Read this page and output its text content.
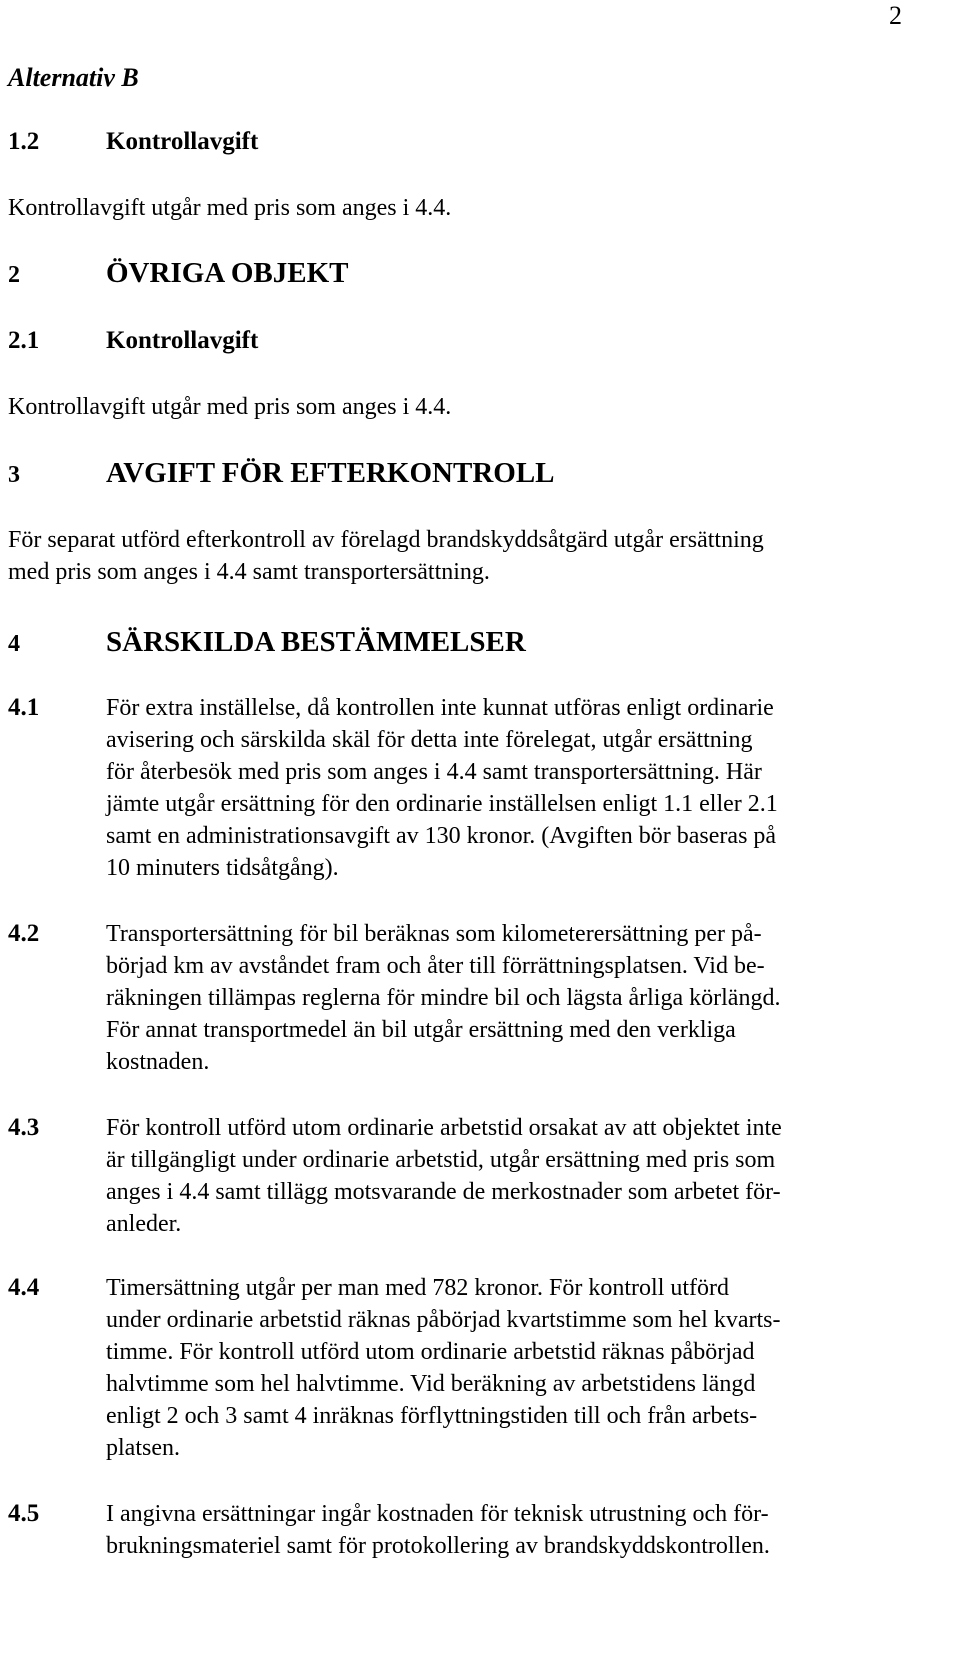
2
Alternativ B
1.2	Kontrollavgift
Kontrollavgift utgår med pris som anges i 4.4.
2	ÖVRIGA OBJEKT
2.1	Kontrollavgift
Kontrollavgift utgår med pris som anges i 4.4.
3	AVGIFT FÖR EFTERKONTROLL
För separat utförd efterkontroll av förelagd brandskyddsåtgärd utgår ersättning
med pris som anges i 4.4 samt transportersättning.
4	SÄRSKILDA BESTÄMMELSER
4.1	För extra inställelse, då kontrollen inte kunnat utföras enligt ordinarie
avisering och särskilda skäl för detta inte förelegat, utgår ersättning
för återbesök med pris som anges i 4.4 samt transportersättning. Här
jämte utgår ersättning för den ordinarie inställelsen enligt 1.1 eller 2.1
samt en administrationsavgift av 130 kronor. (Avgiften bör baseras på
10 minuters tidsåtgång).
4.2	Transportersättning för bil beräknas som kilometerersättning per på-
börjad km av avståndet fram och åter till förrättningsplatsen. Vid be-
räkningen tillämpas reglerna för mindre bil och lägsta årliga körlängd.
För annat transportmedel än bil utgår ersättning med den verkliga
kostnaden.
4.3	För kontroll utförd utom ordinarie arbetstid orsakat av att objektet inte
är tillgängligt under ordinarie arbetstid, utgår ersättning med pris som
anges i 4.4 samt tillägg motsvarande de merkostnader som arbetet för-
anleder.
4.4	Timersättning utgår per man med 782 kronor. För kontroll utförd
under ordinarie arbetstid räknas påbörjad kvartstimme som hel kvarts-
timme. För kontroll utförd utom ordinarie arbetstid räknas påbörjad
halvtimme som hel halvtimme. Vid beräkning av arbetstidens längd
enligt 2 och 3 samt 4 inräknas förflyttningstiden till och från arbets-
platsen.
4.5	I angivna ersättningar ingår kostnaden för teknisk utrustning och för-
brukningsmateriel samt för protokollering av brandskyddskontrollen.
